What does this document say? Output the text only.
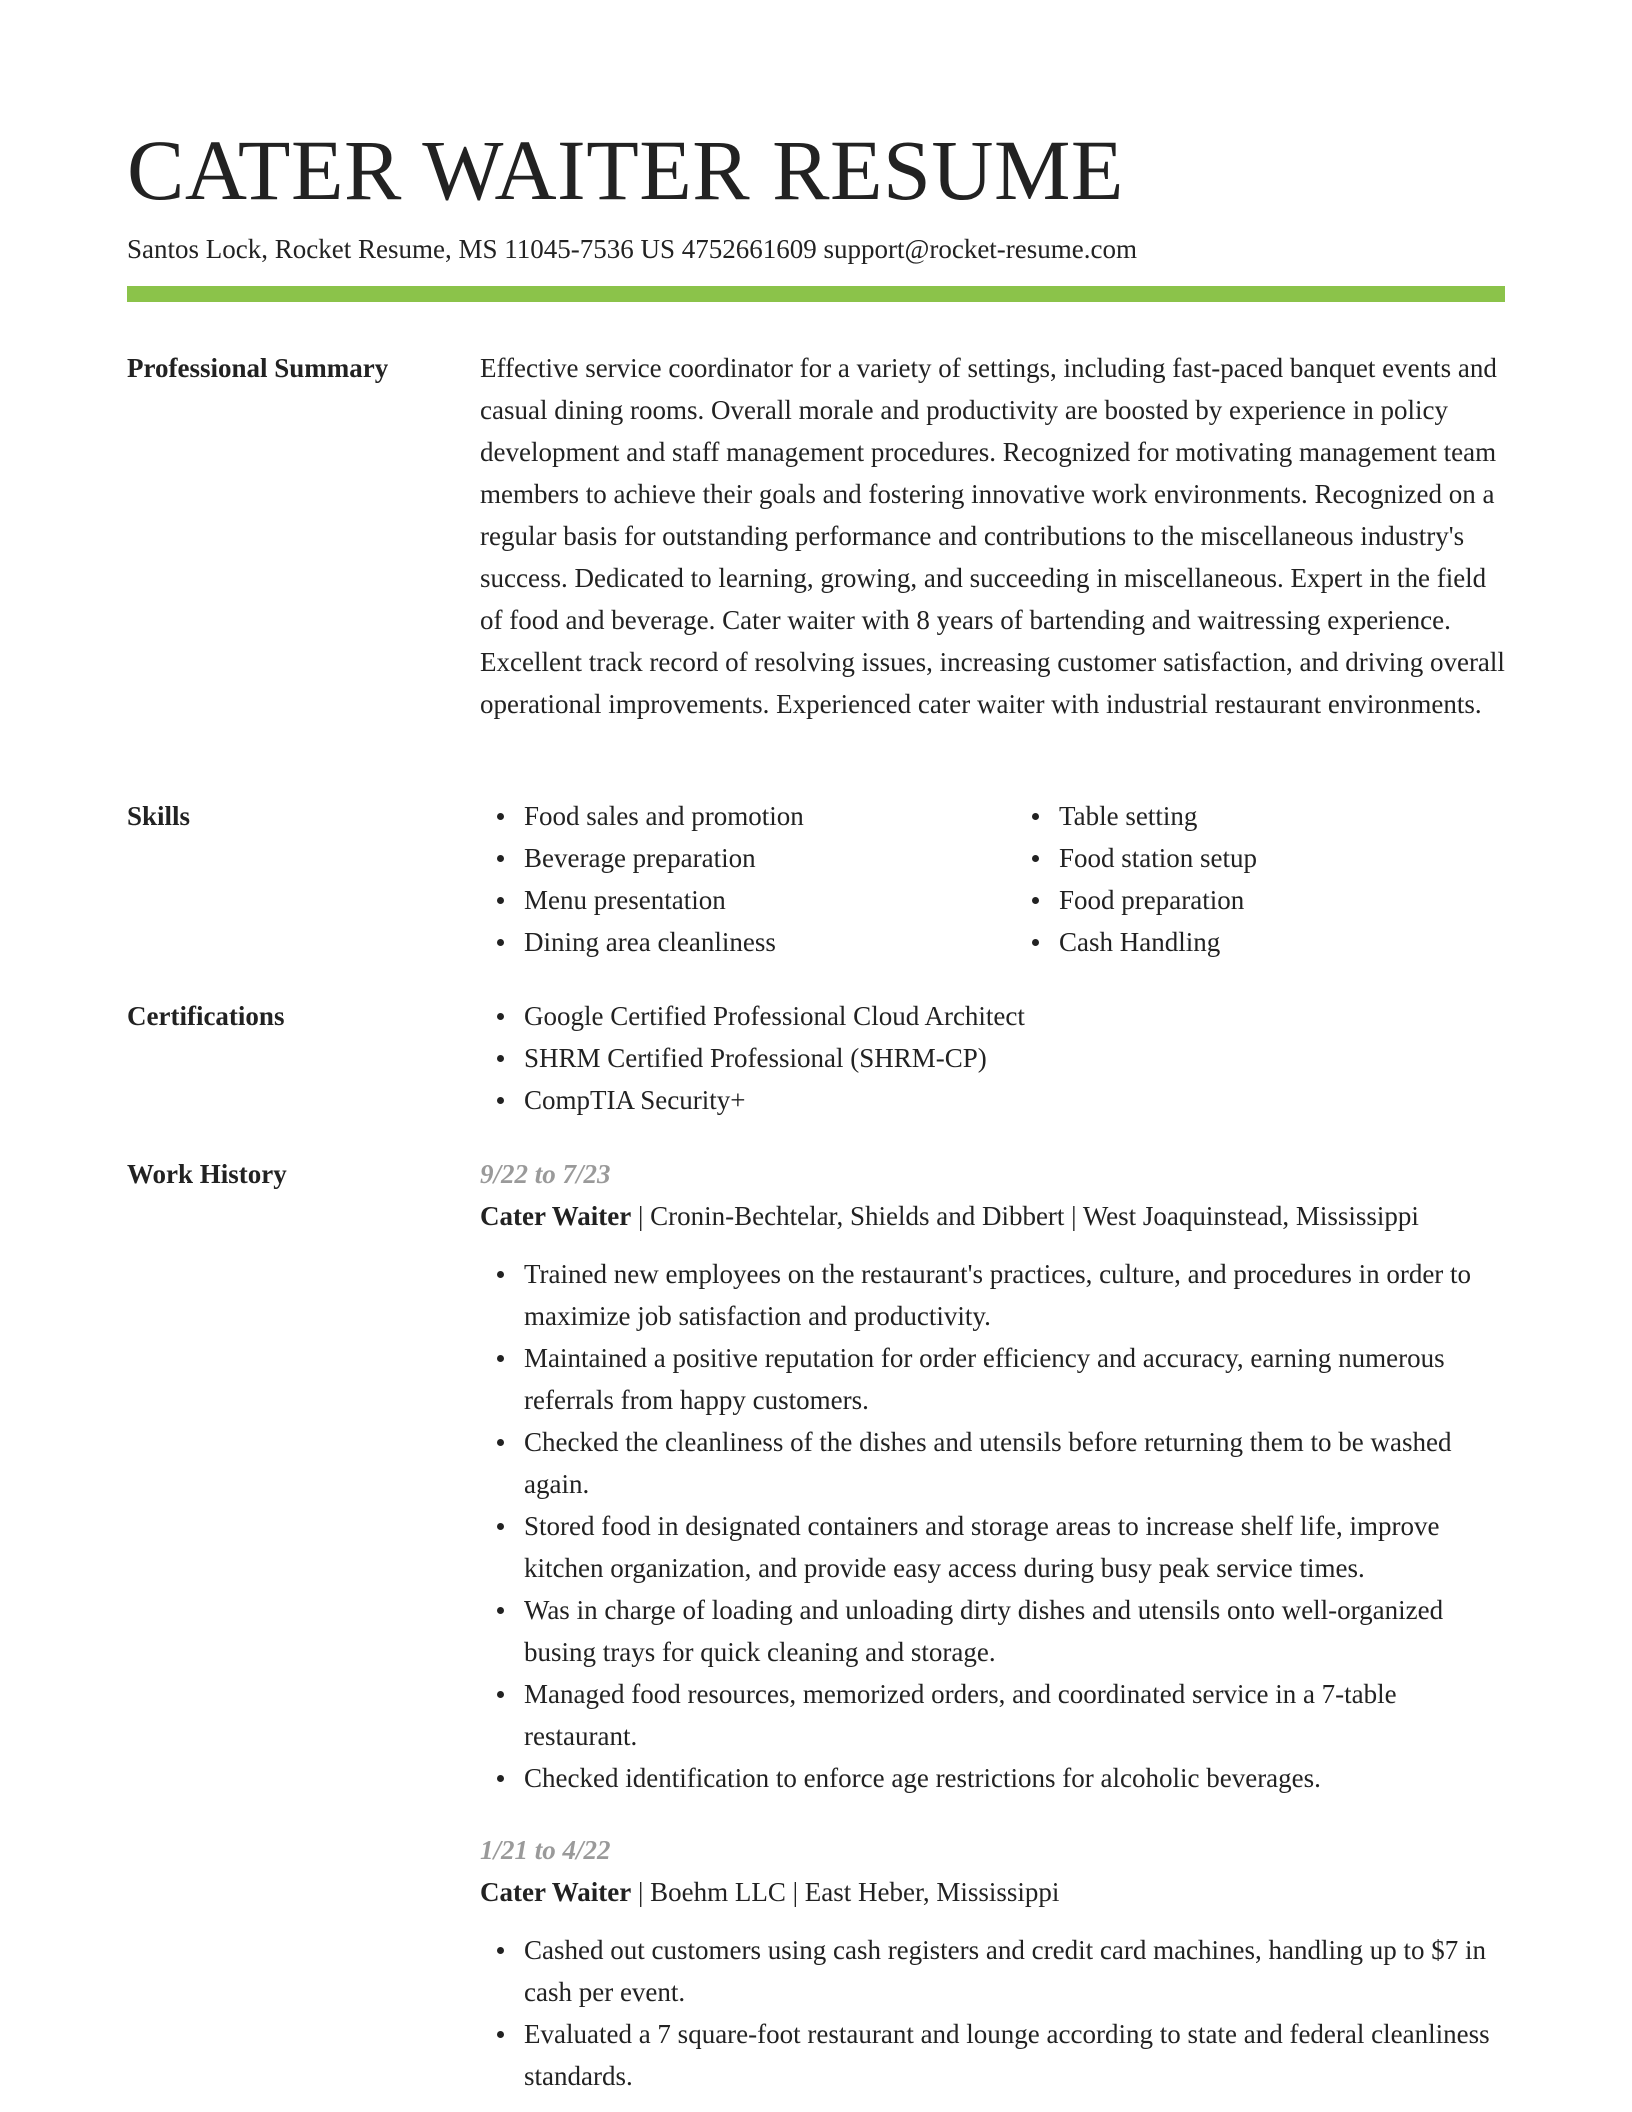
CATER WAITER RESUME
Santos Lock, Rocket Resume, MS 11045-7536 US 4752661609 support@rocket-resume.com
Professional Summary	Effective service coordinator for a variety of settings, including fast-paced banquet events and casual dining rooms. Overall morale and productivity are boosted by experience in policy development and staff management procedures. Recognized for motivating management team members to achieve their goals and fostering innovative work environments. Recognized on a regular basis for outstanding performance and contributions to the miscellaneous industry's success. Dedicated to learning, growing, and succeeding in miscellaneous. Expert in the field of food and beverage. Cater waiter with 8 years of bartending and waitressing experience. Excellent track record of resolving issues, increasing customer satisfaction, and driving overall operational improvements. Experienced cater waiter with industrial restaurant environments.

Skills	Food sales and promotion
Beverage preparation
Menu presentation
Dining area cleanliness
Table setting
Food station setup
Food preparation
Cash Handling
Certifications	Google Certified Professional Cloud Architect
SHRM Certified Professional (SHRM-CP)
CompTIA Security+
Work History	9/22 to 7/23
Cater Waiter | Cronin-Bechtelar, Shields and Dibbert | West Joaquinstead, Mississippi
Trained new employees on the restaurant's practices, culture, and procedures in order to maximize job satisfaction and productivity.
Maintained a positive reputation for order efficiency and accuracy, earning numerous referrals from happy customers.
Checked the cleanliness of the dishes and utensils before returning them to be washed again.
Stored food in designated containers and storage areas to increase shelf life, improve kitchen organization, and provide easy access during busy peak service times.
Was in charge of loading and unloading dirty dishes and utensils onto well-organized busing trays for quick cleaning and storage.
Managed food resources, memorized orders, and coordinated service in a 7-table restaurant.
Checked identification to enforce age restrictions for alcoholic beverages.
1/21 to 4/22
Cater Waiter | Boehm LLC | East Heber, Mississippi
Cashed out customers using cash registers and credit card machines, handling up to $7 in cash per event.
Evaluated a 7 square-foot restaurant and lounge according to state and federal cleanliness standards.
